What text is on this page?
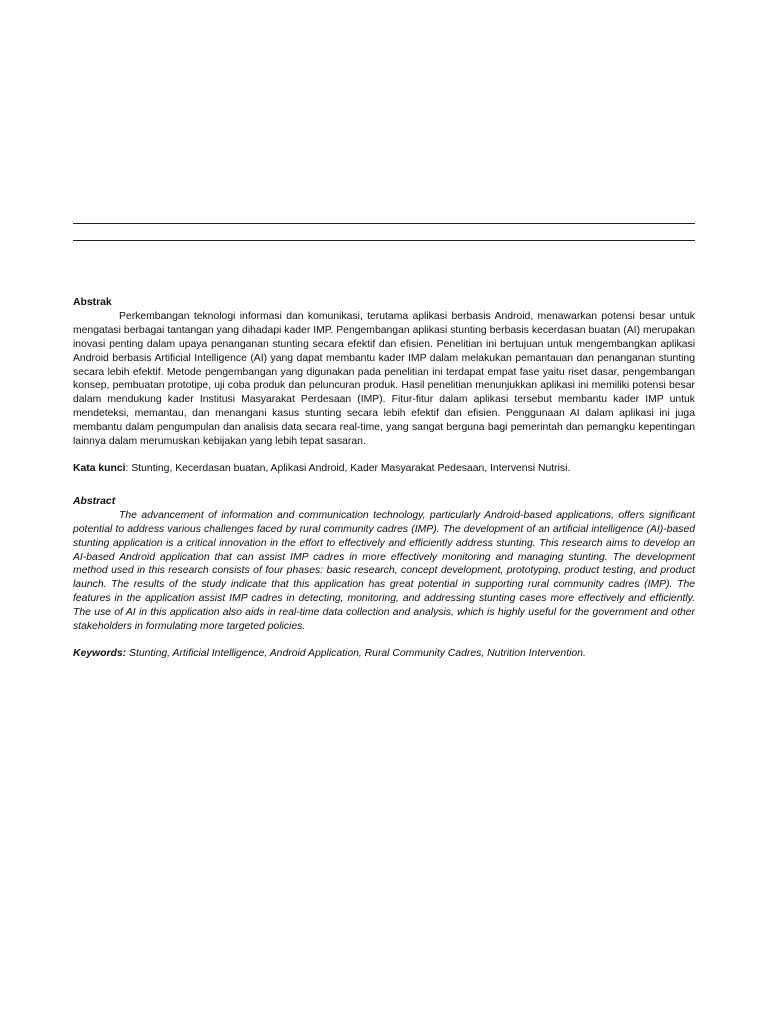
Abstrak

Perkembangan teknologi informasi dan komunikasi, terutama aplikasi berbasis Android, menawarkan potensi besar untuk mengatasi berbagai tantangan yang dihadapi kader IMP. Pengembangan aplikasi stunting berbasis kecerdasan buatan (AI) merupakan inovasi penting dalam upaya penanganan stunting secara efektif dan efisien. Penelitian ini bertujuan untuk mengembangkan aplikasi Android berbasis Artificial Intelligence (AI) yang dapat membantu kader IMP dalam melakukan pemantauan dan penanganan stunting secara lebih efektif. Metode pengembangan yang digunakan pada penelitian ini terdapat empat fase yaitu riset dasar, pengembangan konsep, pembuatan prototipe, uji coba produk dan peluncuran produk. Hasil penelitian menunjukkan aplikasi ini memiliki potensi besar dalam mendukung kader Institusi Masyarakat Perdesaan (IMP). Fitur-fitur dalam aplikasi tersebut membantu kader IMP untuk mendeteksi, memantau, dan menangani kasus stunting secara lebih efektif dan efisien. Penggunaan AI dalam aplikasi ini juga membantu dalam pengumpulan dan analisis data secara real-time, yang sangat berguna bagi pemerintah dan pemangku kepentingan lainnya dalam merumuskan kebijakan yang lebih tepat sasaran.

Kata kunci: Stunting, Kecerdasan buatan, Aplikasi Android, Kader Masyarakat Pedesaan, Intervensi Nutrisi.

Abstract

The advancement of information and communication technology, particularly Android-based applications, offers significant potential to address various challenges faced by rural community cadres (IMP). The development of an artificial intelligence (AI)-based stunting application is a critical innovation in the effort to effectively and efficiently address stunting. This research aims to develop an AI-based Android application that can assist IMP cadres in more effectively monitoring and managing stunting. The development method used in this research consists of four phases: basic research, concept development, prototyping, product testing, and product launch. The results of the study indicate that this application has great potential in supporting rural community cadres (IMP). The features in the application assist IMP cadres in detecting, monitoring, and addressing stunting cases more effectively and efficiently. The use of AI in this application also aids in real-time data collection and analysis, which is highly useful for the government and other stakeholders in formulating more targeted policies.

Keywords: Stunting, Artificial Intelligence, Android Application, Rural Community Cadres, Nutrition Intervention.
